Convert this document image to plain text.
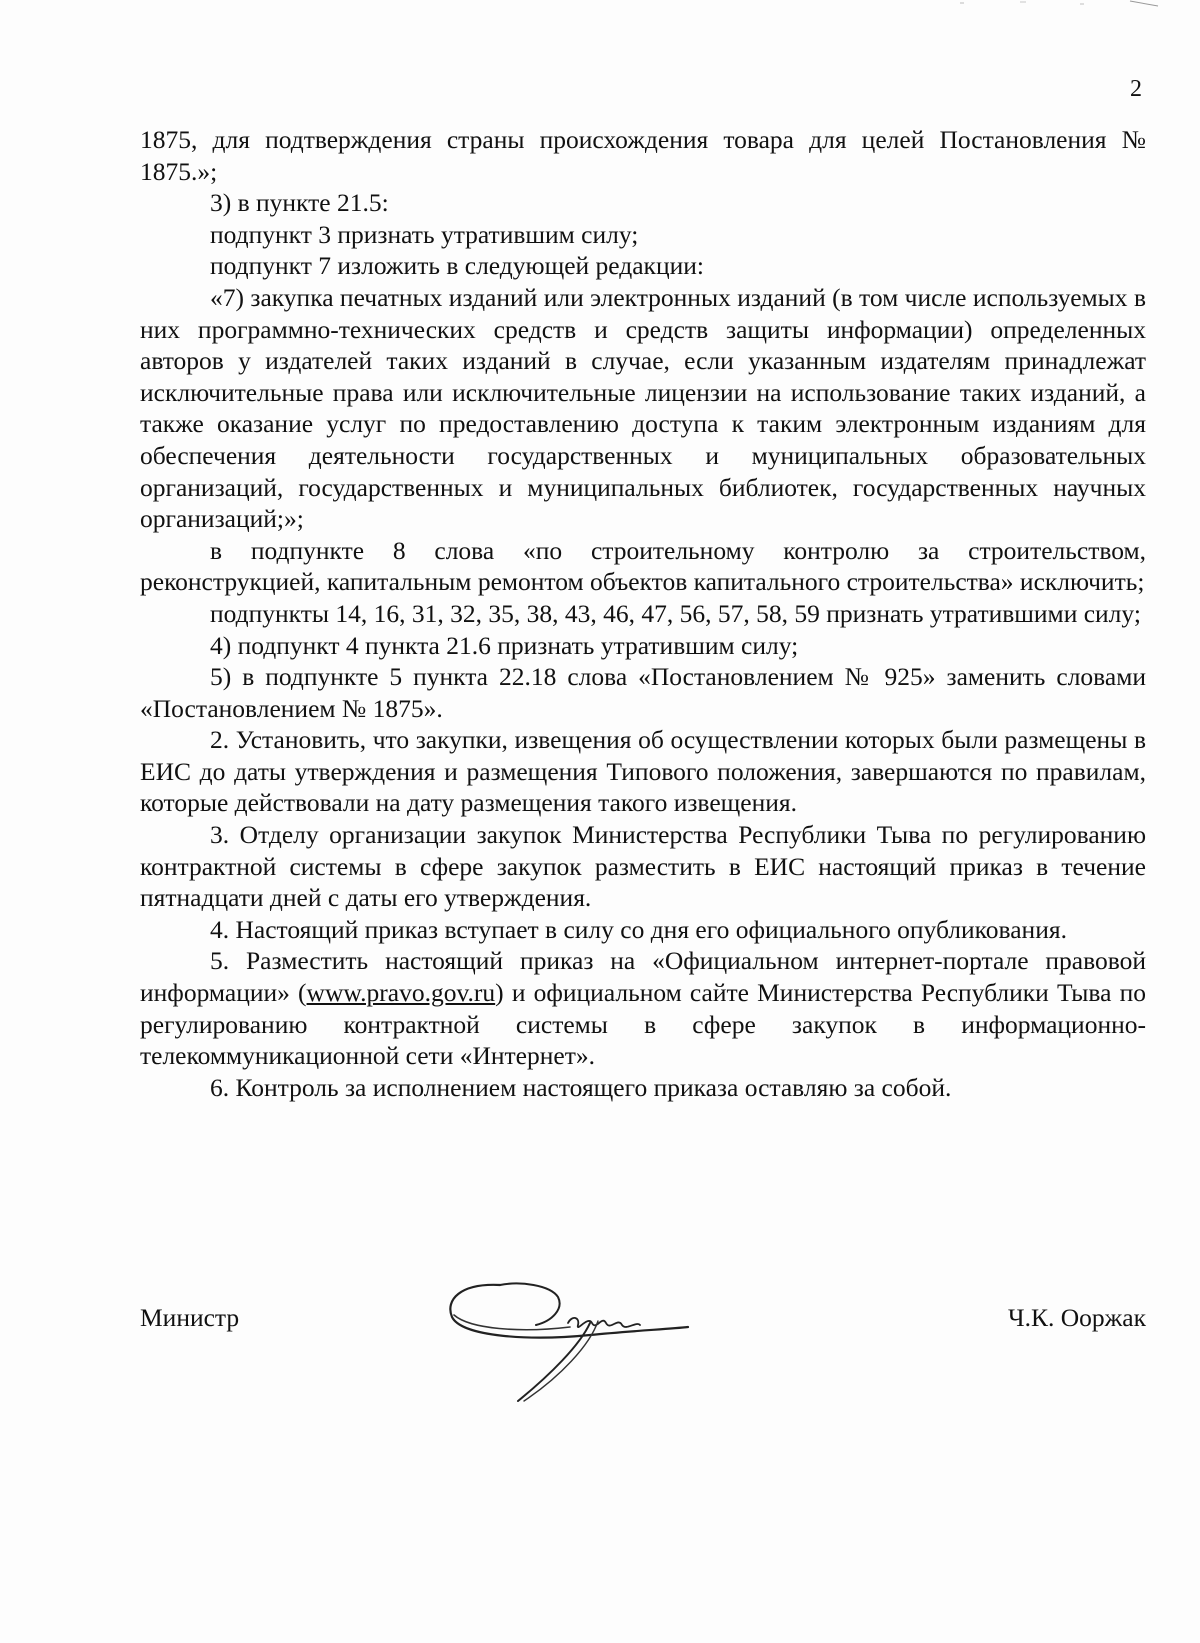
2

1875, для подтверждения страны происхождения товара для целей Постановления № 1875.»;

3) в пункте 21.5:

подпункт 3 признать утратившим силу;

подпункт 7 изложить в следующей редакции:

«7) закупка печатных изданий или электронных изданий (в том числе используемых в них программно-технических средств и средств защиты информации) определенных авторов у издателей таких изданий в случае, если указанным издателям принадлежат исключительные права или исключительные лицензии на использование таких изданий, а также оказание услуг по предоставлению доступа к таким электронным изданиям для обеспечения деятельности государственных и муниципальных образовательных организаций, государственных и муниципальных библиотек, государственных научных организаций;»;

в подпункте 8 слова «по строительному контролю за строительством, реконструкцией, капитальным ремонтом объектов капитального строительства» исключить;

подпункты 14, 16, 31, 32, 35, 38, 43, 46, 47, 56, 57, 58, 59 признать утратившими силу;

4) подпункт 4 пункта 21.6 признать утратившим силу;

5) в подпункте 5 пункта 22.18 слова «Постановлением № 925» заменить словами «Постановлением № 1875».

2. Установить, что закупки, извещения об осуществлении которых были размещены в ЕИС до даты утверждения и размещения Типового положения, завершаются по правилам, которые действовали на дату размещения такого извещения.

3. Отделу организации закупок Министерства Республики Тыва по регулированию контрактной системы в сфере закупок разместить в ЕИС настоящий приказ в течение пятнадцати дней с даты его утверждения.

4. Настоящий приказ вступает в силу со дня его официального опубликования.

5. Разместить настоящий приказ на «Официальном интернет-портале правовой информации» (www.pravo.gov.ru) и официальном сайте Министерства Республики Тыва по регулированию контрактной системы в сфере закупок в информационно-телекоммуникационной сети «Интернет».

6. Контроль за исполнением настоящего приказа оставляю за собой.

Министр	Ч.К. Ооржак
